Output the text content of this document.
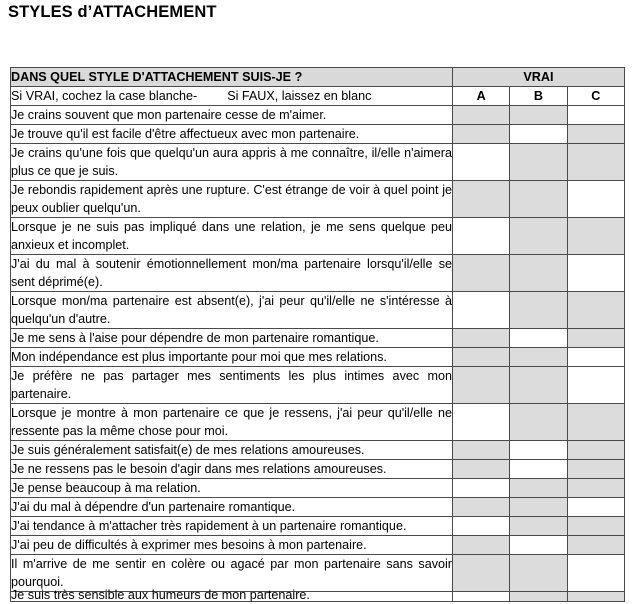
STYLES d’ATTACHEMENT
DANS QUEL STYLE D'ATTACHEMENT SUIS-JE ?	VRAI		
Si VRAI, cochez la case blanche- Si FAUX, laissez en blanc	A	B	C
Je crains souvent que mon partenaire cesse de m'aimer.			
Je trouve qu'il est facile d'être affectueux avec mon partenaire.			
Je crains qu'une fois que quelqu'un aura appris à me connaître, il/elle n'aimera plus ce que je suis.			
Je rebondis rapidement après une rupture. C'est étrange de voir à quel point je peux oublier quelqu'un.			
Lorsque je ne suis pas impliqué dans une relation, je me sens quelque peu anxieux et incomplet.			
J'ai du mal à soutenir émotionnellement mon/ma partenaire lorsqu'il/elle se sent déprimé(e).			
Lorsque mon/ma partenaire est absent(e), j'ai peur qu'il/elle ne s'intéresse à quelqu'un d'autre.			
Je me sens à l'aise pour dépendre de mon partenaire romantique.			
Mon indépendance est plus importante pour moi que mes relations.			
Je préfère ne pas partager mes sentiments les plus intimes avec mon partenaire.			
Lorsque je montre à mon partenaire ce que je ressens, j'ai peur qu'il/elle ne ressente pas la même chose pour moi.			
Je suis généralement satisfait(e) de mes relations amoureuses.			
Je ne ressens pas le besoin d'agir dans mes relations amoureuses.			
Je pense beaucoup à ma relation.			
J'ai du mal à dépendre d'un partenaire romantique.			
J'ai tendance à m'attacher très rapidement à un partenaire romantique.			
J'ai peu de difficultés à exprimer mes besoins à mon partenaire.			
Il m'arrive de me sentir en colère ou agacé par mon partenaire sans savoir pourquoi.			

Je suis très sensible aux humeurs de mon partenaire.			
